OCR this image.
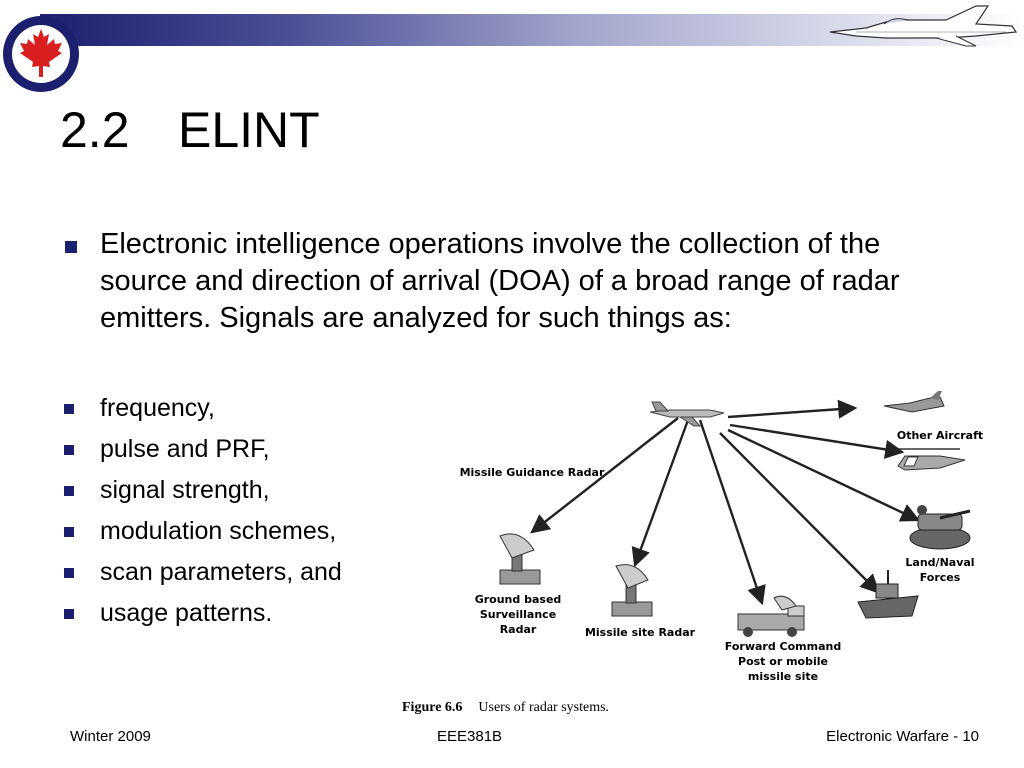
2.2 ELINT

Electronic intelligence operations involve the collection of the source and direction of arrival (DOA) of a broad range of radar emitters. Signals are analyzed for such things as:

frequency,
pulse and PRF,
signal strength,
modulation schemes,
scan parameters, and
usage patterns.
Other Aircraft
Missile Guidance Radar
Ground based
Surveillance
Radar	Missile site Radar
Forward Command
Post or mobile
missile site
Land/Naval
Forces
Figure 6.6 Users of radar systems.
Winter 2009	EEE381B	Electronic Warfare - 10
